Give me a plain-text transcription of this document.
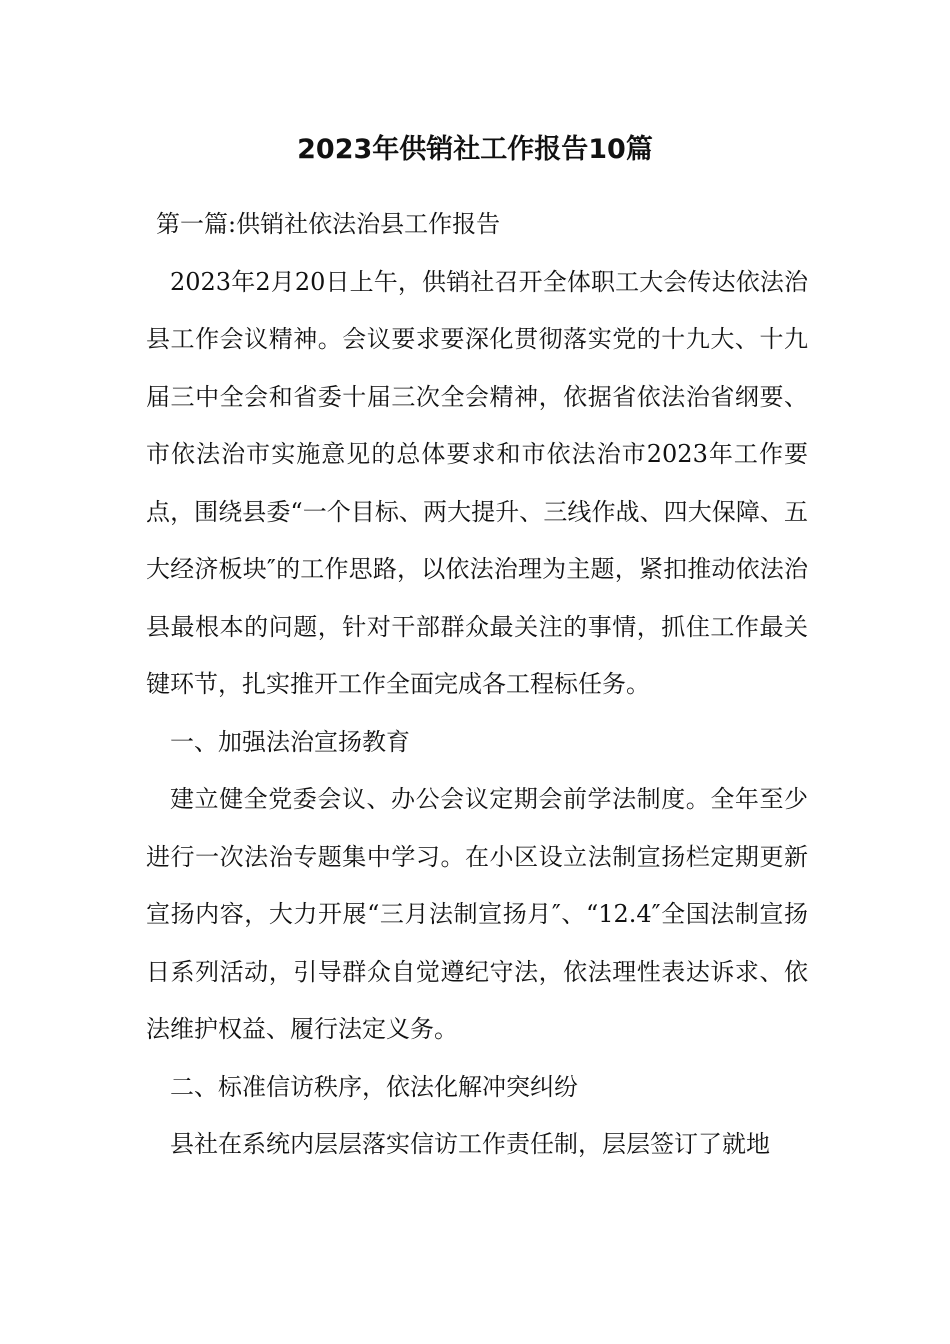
2023年供销社工作报告10篇

第一篇:供销社依法治县工作报告

2023年2月20日上午，供销社召开全体职工大会传达依法治县工作会议精神。会议要求要深化贯彻落实党的十九大、十九届三中全会和省委十届三次全会精神，依据省依法治省纲要、市依法治市实施意见的总体要求和市依法治市2023年工作要点，围绕县委“一个目标、两大提升、三线作战、四大保障、五大经济板块″的工作思路，以依法治理为主题，紧扣推动依法治县最根本的问题，针对干部群众最关注的事情，抓住工作最关键环节，扎实推开工作全面完成各工程标任务。

一、加强法治宣扬教育

建立健全党委会议、办公会议定期会前学法制度。全年至少进行一次法治专题集中学习。在小区设立法制宣扬栏定期更新宣扬内容，大力开展“三月法制宣扬月″、“12.4″全国法制宣扬日系列活动，引导群众自觉遵纪守法，依法理性表达诉求、依法维护权益、履行法定义务。

二、标准信访秩序，依法化解冲突纠纷

县社在系统内层层落实信访工作责任制，层层签订了就地
